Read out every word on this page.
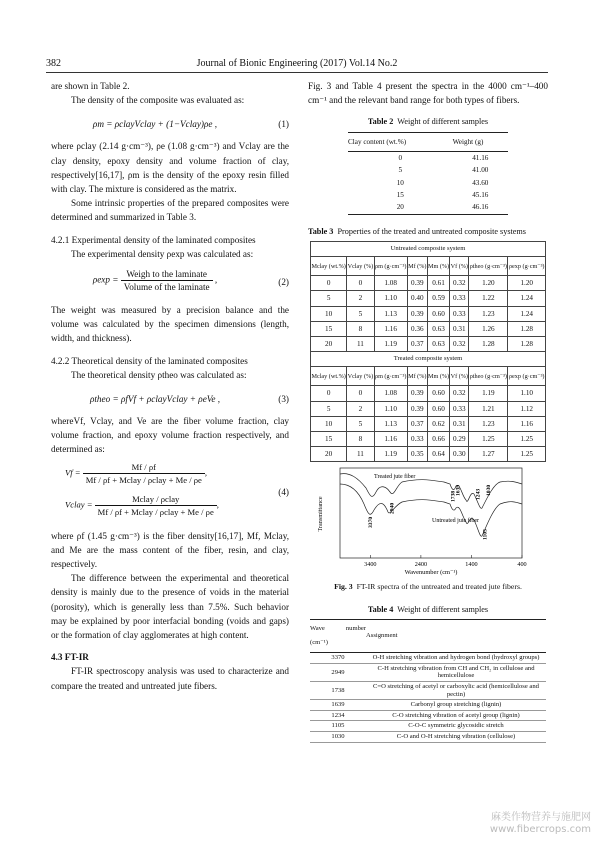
382	Journal of Bionic Engineering (2017) Vol.14 No.2

are shown in Table 2.

The density of the composite was evaluated as:

ρm = ρclayVclay + (1−Vclay)ρe ,	(1)

where ρclay (2.14 g·cm⁻³), ρe (1.08 g·cm⁻³) and Vclay are the clay density, epoxy density and volume fraction of clay, respectively[16,17], ρm is the density of the epoxy resin filled with clay. The mixture is considered as the matrix.

Some intrinsic properties of the prepared composites were determined and summarized in Table 3.

4.2.1 Experimental density of the laminated composites

The experimental density ρexp was calculated as:

$\rho\exp = \frac{\text{Weigh to the laminate}}{\text{Volume of the laminate}}$ ,	(2)

The weight was measured by a precision balance and the volume was calculated by the specimen dimensions (length, width, and thickness).

4.2.2 Theoretical density of the laminated composites

The theoretical density ρtheo was calculated as:

ρtheo = ρfVf + ρclayVclay + ρeVe ,	(3)

whereVf, Vclay, and Ve are the fiber volume fraction, clay volume fraction, and epoxy volume fraction respectively, and determined as:

$Vf = \frac{Mf / \rho f}{\text{Mf / ρf + Mclay / ρclay + Me / ρe}}$ ,
Vclay = $\frac{\text{Mclay / ρclay}}{\text{Mf / ρf + Mclay / ρclay + Me / ρe}}$ ,
(4)

where ρf (1.45 g·cm⁻³) is the fiber density[16,17], Mf, Mclay, and Me are the mass content of the fiber, resin, and clay, respectively.

The difference between the experimental and theoretical density is mainly due to the presence of voids in the material (porosity), which is generally less than 7.5%. Such behavior may be explained by poor interfacial bonding (voids and gaps) or the formation of clay agglomerates at high content.

4.3 FT-IR

FT-IR spectroscopy analysis was used to characterize and compare the treated and untreated jute fibers.

Fig. 3 and Table 4 present the spectra in the 4000 cm⁻¹–400 cm⁻¹ and the relevant band range for both types of fibers.

Table 2 Weight of different samples
Clay content (wt.%)	Weight (g)
0	41.16
5	41.00
10	43.60
15	45.16
20	46.16
Table 3 Properties of the treated and untreated composite systems
Untreated composite system							
Mclay (wt.%)	Vclay (%)	ρm (g·cm⁻³)	Mf (%)	Mm (%)	Vf (%)	ρtheo (g·cm⁻³)	ρexp (g·cm⁻³)
0	0	1.08	0.39	0.61	0.32	1.20	1.20
5	2	1.10	0.40	0.59	0.33	1.22	1.24
10	5	1.13	0.39	0.60	0.33	1.23	1.24
15	8	1.16	0.36	0.63	0.31	1.26	1.28
20	11	1.19	0.37	0.63	0.32	1.28	1.28
Treated composite system							
Mclay (wt.%)	Vclay (%)	ρm (g·cm⁻³)	Mf (%)	Mm (%)	Vf (%)	ρtheo (g·cm⁻³)	ρexp (g·cm⁻³)
0	0	1.08	0.39	0.60	0.32	1.19	1.10
5	2	1.10	0.39	0.60	0.33	1.21	1.12
10	5	1.13	0.37	0.62	0.31	1.23	1.16
15	8	1.16	0.33	0.66	0.29	1.25	1.25
20	11	1.19	0.35	0.64	0.30	1.27	1.25
3400	2400	1400	400
3370
2940
1738
1639	1243
1105
1030
Transmittance
Wavenumber (cm⁻¹)
Treated jute fiber
Untreated jute fiber
Fig. 3 FT-IR spectra of the untreated and treated jute fibers.
Table 4 Weight of different samples
Wave number (cm⁻¹)	Assignment
3370	O-H stretching vibration and hydrogen bond (hydroxyl groups)
2949	C-H stretching vibration from CH and CH₂ in cellulose and hemicellulose
1738	C=O stretching of acetyl or carboxylic acid (hemicellulose and pectin)
1639	Carbonyl group stretching (lignin)
1234	C-O stretching vibration of acetyl group (lignin)
1105	C-O-C symmetric glycosidic stretch
1030	C-O and O-H stretching vibration (cellulose)
麻类作物营养与施肥网
www.fibercrops.com
